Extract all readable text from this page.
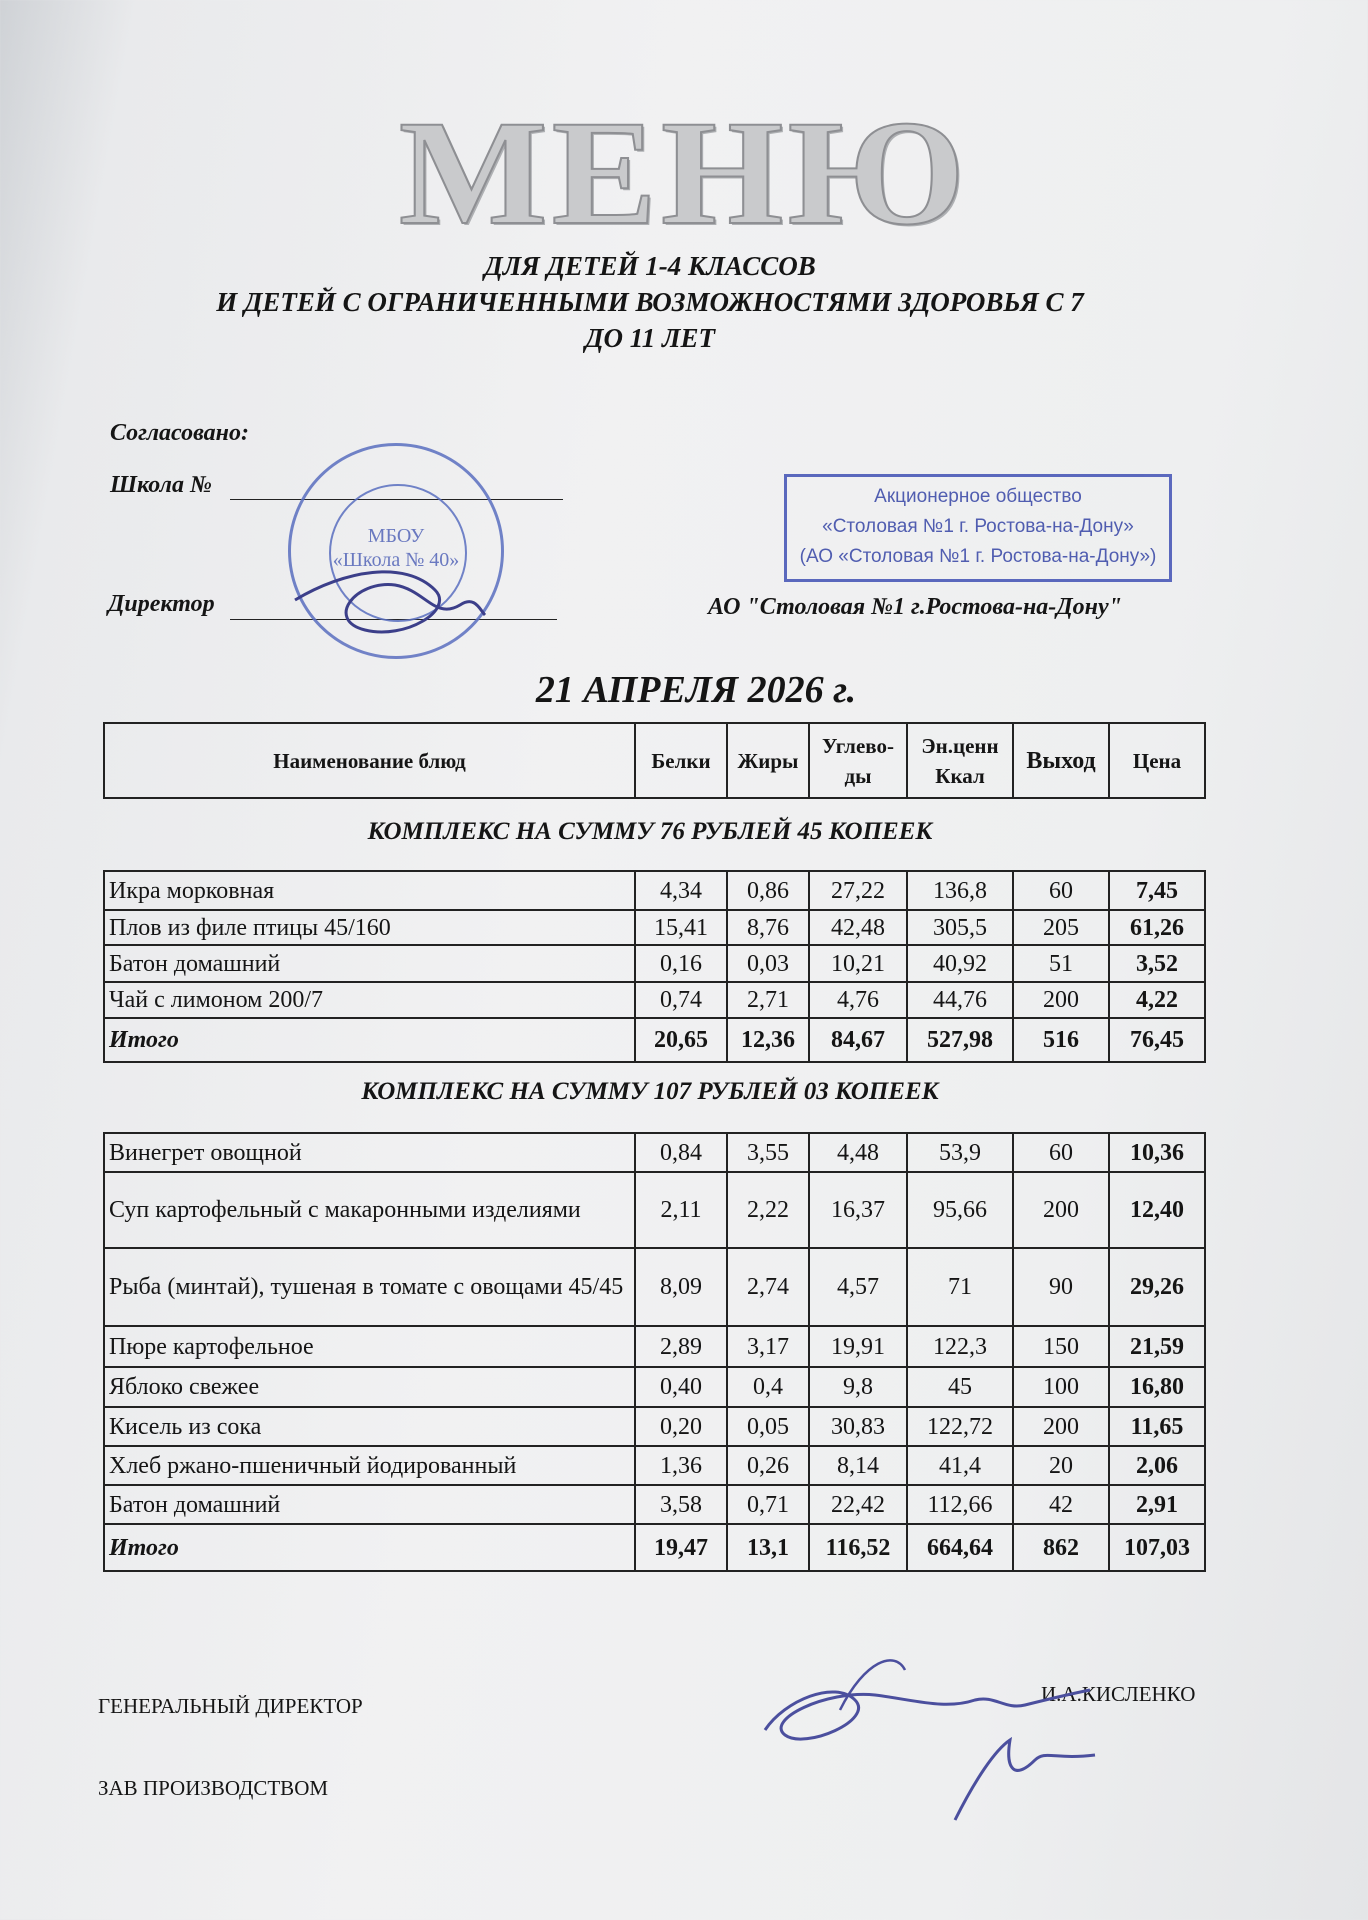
МЕНЮ
ДЛЯ ДЕТЕЙ 1-4 КЛАССОВ
И ДЕТЕЙ С ОГРАНИЧЕННЫМИ ВОЗМОЖНОСТЯМИ ЗДОРОВЬЯ С 7
ДО 11 ЛЕТ
Согласовано:
Школа №
Директор	АО "Столовая №1 г.Ростова-на-Дону"
МБОУ
«Школа № 40»
Акционерное общество
«Столовая №1 г. Ростова-на-Дону»
(АО «Столовая №1 г. Ростова-на-Дону»)
21 АПРЕЛЯ 2026 г.
Наименование блюд	Белки	Жиры	Углево-ды	Эн.ценн Ккал	Выход	Цена
КОМПЛЕКС НА СУММУ 76 РУБЛЕЙ 45 КОПЕЕК
Икра морковная	4,34	0,86	27,22	136,8	60	7,45
Плов из филе птицы 45/160	15,41	8,76	42,48	305,5	205	61,26
Батон домашний	0,16	0,03	10,21	40,92	51	3,52
Чай с лимоном 200/7	0,74	2,71	4,76	44,76	200	4,22
Итого	20,65	12,36	84,67	527,98	516	76,45
КОМПЛЕКС НА СУММУ 107 РУБЛЕЙ 03 КОПЕЕК
Винегрет овощной	0,84	3,55	4,48	53,9	60	10,36
Суп картофельный с макаронными изделиями	2,11	2,22	16,37	95,66	200	12,40
Рыба (минтай), тушеная в томате с овощами 45/45	8,09	2,74	4,57	71	90	29,26
Пюре картофельное	2,89	3,17	19,91	122,3	150	21,59
Яблоко свежее	0,40	0,4	9,8	45	100	16,80
Кисель из сока	0,20	0,05	30,83	122,72	200	11,65
Хлеб ржано-пшеничный йодированный	1,36	0,26	8,14	41,4	20	2,06
Батон домашний	3,58	0,71	22,42	112,66	42	2,91
Итого	19,47	13,1	116,52	664,64	862	107,03
ГЕНЕРАЛЬНЫЙ ДИРЕКТОР	И.А.КИСЛЕНКО
ЗАВ ПРОИЗВОДСТВОМ
